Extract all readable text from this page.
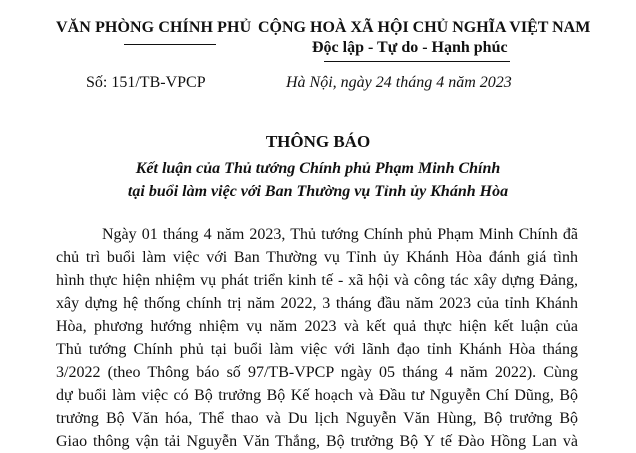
VĂN PHÒNG CHÍNH PHỦ CỘNG HOÀ XÃ HỘI CHỦ NGHĨA VIỆT NAM
Độc lập - Tự do - Hạnh phúc
Số: 151/TB-VPCP	Hà Nội, ngày 24 tháng 4 năm 2023
THÔNG BÁO
Kết luận của Thủ tướng Chính phủ Phạm Minh Chính
tại buổi làm việc với Ban Thường vụ Tỉnh ủy Khánh Hòa
Ngày 01 tháng 4 năm 2023, Thủ tướng Chính phủ Phạm Minh Chính đã
chủ trì buổi làm việc với Ban Thường vụ Tỉnh ủy Khánh Hòa đánh giá tình
hình thực hiện nhiệm vụ phát triển kinh tế - xã hội và công tác xây dựng Đảng,
xây dựng hệ thống chính trị năm 2022, 3 tháng đầu năm 2023 của tỉnh Khánh
Hòa, phương hướng nhiệm vụ năm 2023 và kết quả thực hiện kết luận của
Thủ tướng Chính phủ tại buổi làm việc với lãnh đạo tỉnh Khánh Hòa tháng
3/2022 (theo Thông báo số 97/TB-VPCP ngày 05 tháng 4 năm 2022). Cùng
dự buổi làm việc có Bộ trưởng Bộ Kế hoạch và Đầu tư Nguyễn Chí Dũng, Bộ
trưởng Bộ Văn hóa, Thể thao và Du lịch Nguyễn Văn Hùng, Bộ trưởng Bộ
Giao thông vận tải Nguyễn Văn Thắng, Bộ trưởng Bộ Y tế Đào Hồng Lan và
